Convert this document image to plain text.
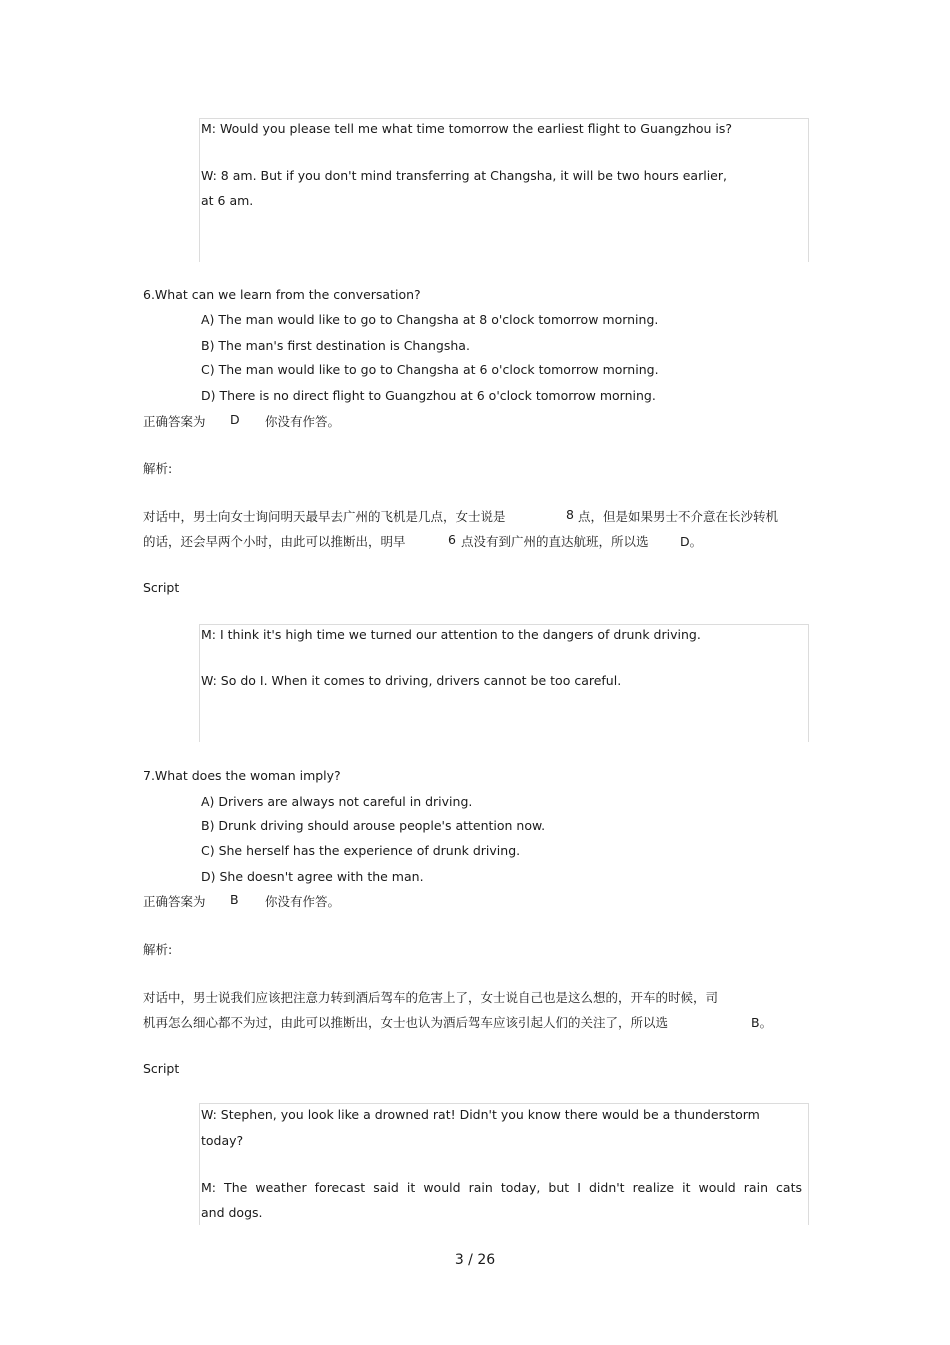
M: Would you please tell me what time tomorrow the earliest flight to Guangzhou is?
W: 8 am. But if you don't mind transferring at Changsha, it will be two hours earlier,
at 6 am.
6.What can we learn from the conversation?
A) The man would like to go to Changsha at 8 o'clock tomorrow morning.
B) The man's first destination is Changsha.
C) The man would like to go to Changsha at 6 o'clock tomorrow morning.
D) There is no direct flight to Guangzhou at 6 o'clock tomorrow morning.
正确答案为 D 你没有作答。
解析:
对话中，男士向女士询问明天最早去广州的飞机是几点，女士说是	8 点，但是如果男士不介意在长沙转机
的话，还会早两个小时，由此可以推断出，明早	6 点没有到广州的直达航班，所以选	D。
Script
M: I think it's high time we turned our attention to the dangers of drunk driving.
W: So do I. When it comes to driving, drivers cannot be too careful.
7.What does the woman imply?
A) Drivers are always not careful in driving.
B) Drunk driving should arouse people's attention now.
C) She herself has the experience of drunk driving.
D) She doesn't agree with the man.
正确答案为 B 你没有作答。
解析:
对话中，男士说我们应该把注意力转到酒后驾车的危害上了，女士说自己也是这么想的，开车的时候，司
机再怎么细心都不为过，由此可以推断出，女士也认为酒后驾车应该引起人们的关注了，所以选	B。
Script
W: Stephen, you look like a drowned rat! Didn't you know there would be a thunderstorm
today?
M: The weather forecast said it would rain today, but I didn't realize it would rain cats
and dogs.
3 / 26
